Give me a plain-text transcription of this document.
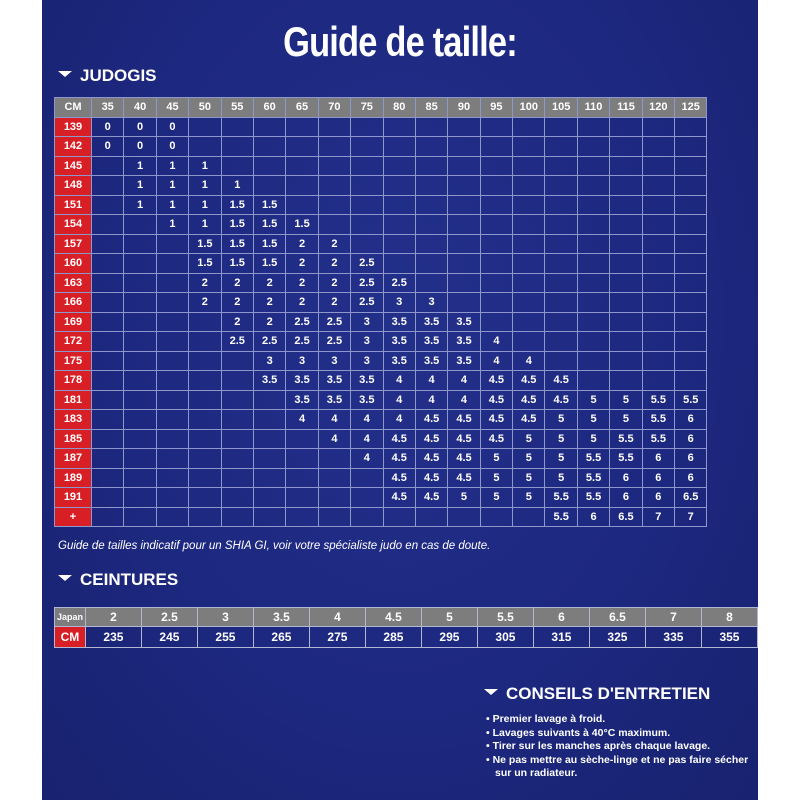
Guide de taille:
JUDOGIS
CM	35	40	45	50	55	60	65	70	75	80	85	90	95	100	105	110	115	120	125
139	0	0	0																
142	0	0	0																
145		1	1	1															
148		1	1	1	1														
151		1	1	1	1.5	1.5													
154			1	1	1.5	1.5	1.5												
157				1.5	1.5	1.5	2	2											
160				1.5	1.5	1.5	2	2	2.5										
163				2	2	2	2	2	2.5	2.5									
166				2	2	2	2	2	2.5	3	3								
169					2	2	2.5	2.5	3	3.5	3.5	3.5							
172					2.5	2.5	2.5	2.5	3	3.5	3.5	3.5	4						
175						3	3	3	3	3.5	3.5	3.5	4	4					
178						3.5	3.5	3.5	3.5	4	4	4	4.5	4.5	4.5				
181							3.5	3.5	3.5	4	4	4	4.5	4.5	4.5	5	5	5.5	5.5
183							4	4	4	4	4.5	4.5	4.5	4.5	5	5	5	5.5	6
185								4	4	4.5	4.5	4.5	4.5	5	5	5	5.5	5.5	6
187									4	4.5	4.5	4.5	5	5	5	5.5	5.5	6	6
189										4.5	4.5	4.5	5	5	5	5.5	6	6	6
191										4.5	4.5	5	5	5	5.5	5.5	6	6	6.5
+															5.5	6	6.5	7	7
Guide de tailles indicatif pour un SHIA GI, voir votre spécialiste judo en cas de doute.
CEINTURES
Japan	2	2.5	3	3.5	4	4.5	5	5.5	6	6.5	7	8
CM	235	245	255	265	275	285	295	305	315	325	335	355
CONSEILS D'ENTRETIEN
• Premier lavage à froid.
• Lavages suivants à 40°C maximum.
• Tirer sur les manches après chaque lavage.
• Ne pas mettre au sèche-linge et ne pas faire sécher sur un radiateur.
